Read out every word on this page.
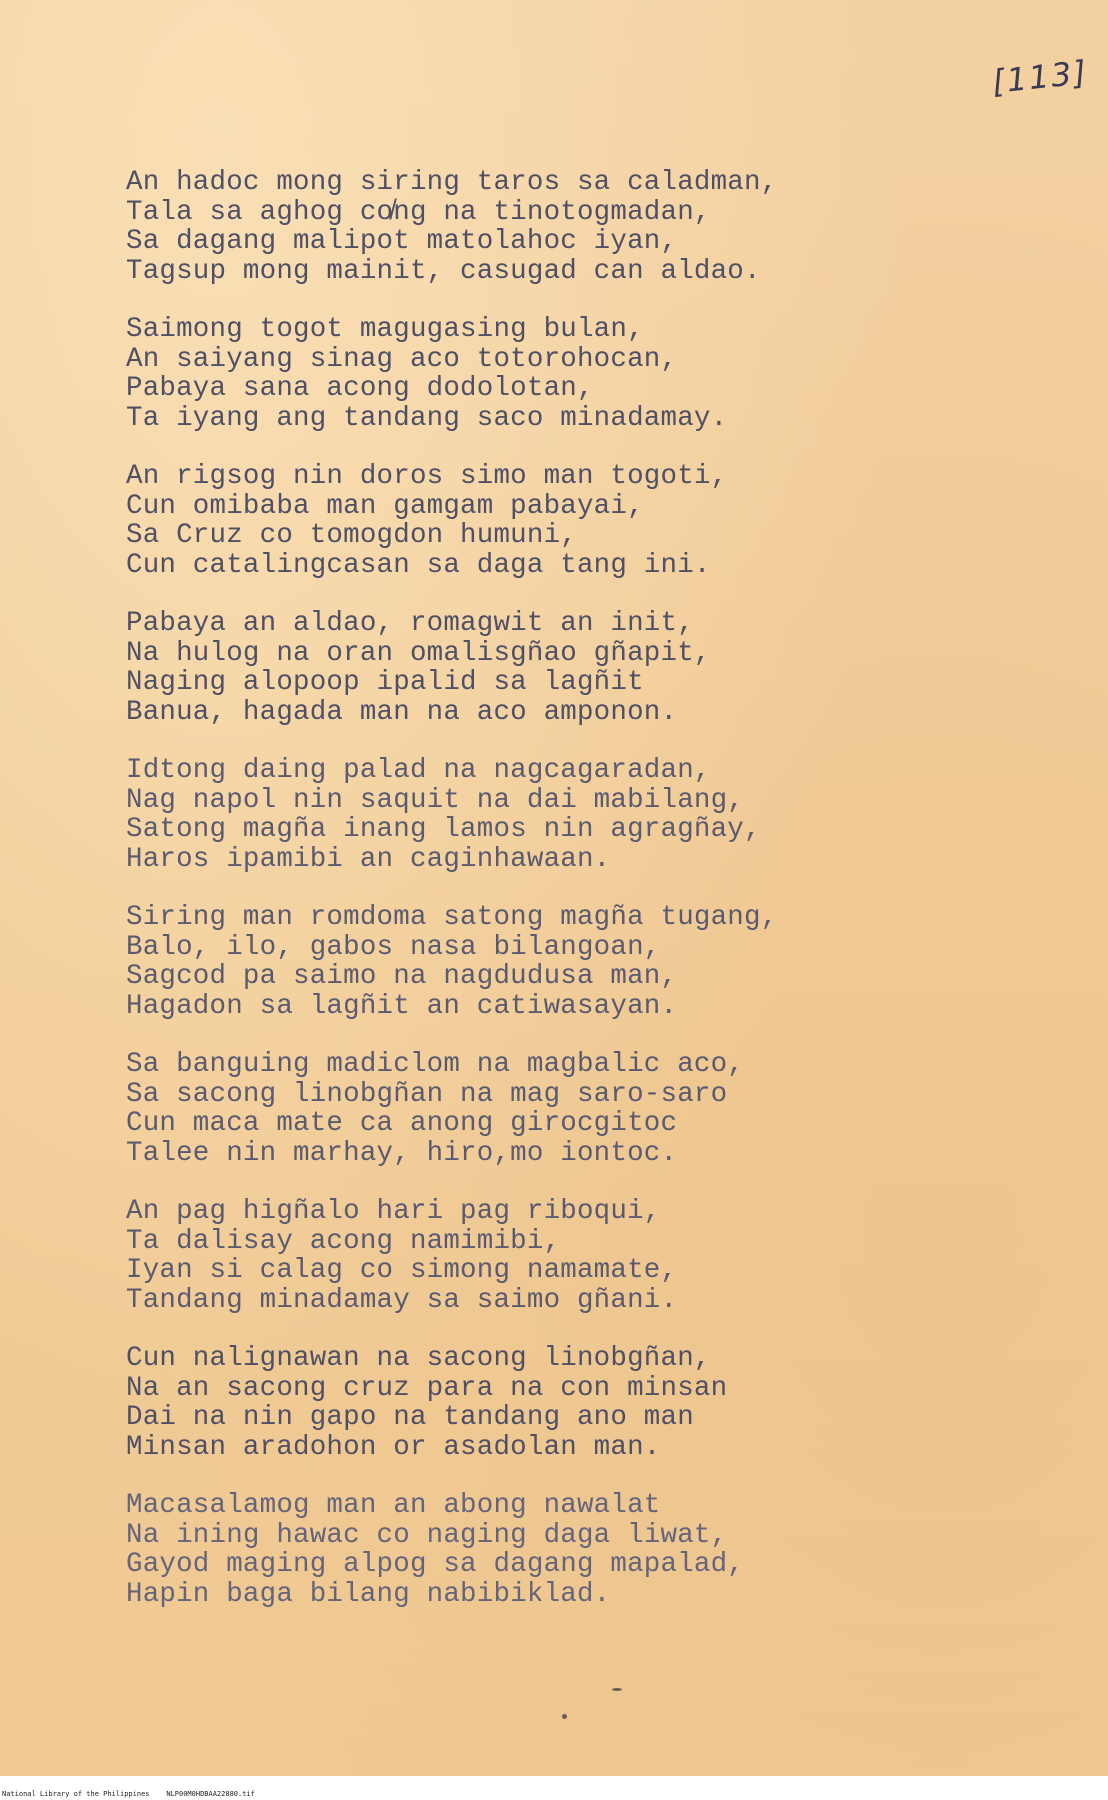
[113]
An hadoc mong siring taros sa caladman,
Tala sa aghog co̸ng na tinotogmadan,
Sa dagang malipot matolahoc iyan,
Tagsup mong mainit, casugad can aldao.
Saimong togot magugasing bulan,
An saiyang sinag aco totorohocan,
Pabaya sana acong dodolotan,
Ta iyang ang tandang saco minadamay.
An rigsog nin doros simo man togoti,
Cun omibaba man gamgam pabayai,
Sa Cruz co tomogdon humuni,
Cun catalingcasan sa daga tang ini.
Pabaya an aldao, romagwit an init,
Na hulog na oran omalisgñao gñapit,
Naging alopoop ipalid sa lagñit
Banua, hagada man na aco amponon.
Idtong daing palad na nagcagaradan,
Nag napol nin saquit na dai mabilang,
Satong magña inang lamos nin agragñay,
Haros ipamibi an caginhawaan.
Siring man romdoma satong magña tugang,
Balo, ilo, gabos nasa bilangoan,
Sagcod pa saimo na nagdudusa man,
Hagadon sa lagñit an catiwasayan.
Sa banguing madiclom na magbalic aco,
Sa sacong linobgñan na mag saro-saro
Cun maca mate ca anong girocgitoc
Talee nin marhay, hiro,mo iontoc.
An pag higñalo hari pag riboqui,
Ta dalisay acong namimibi,
Iyan si calag co simong namamate,
Tandang minadamay sa saimo gñani.
Cun nalignawan na sacong linobgñan,
Na an sacong cruz para na con minsan
Dai na nin gapo na tandang ano man
Minsan aradohon or asadolan man.
Macasalamog man an abong nawalat
Na ining hawac co naging daga liwat,
Gayod maging alpog sa dagang mapalad,
Hapin baga bilang nabibiklad.
National Library of the Philippines    NLP00M0HDBAA22080.tif
